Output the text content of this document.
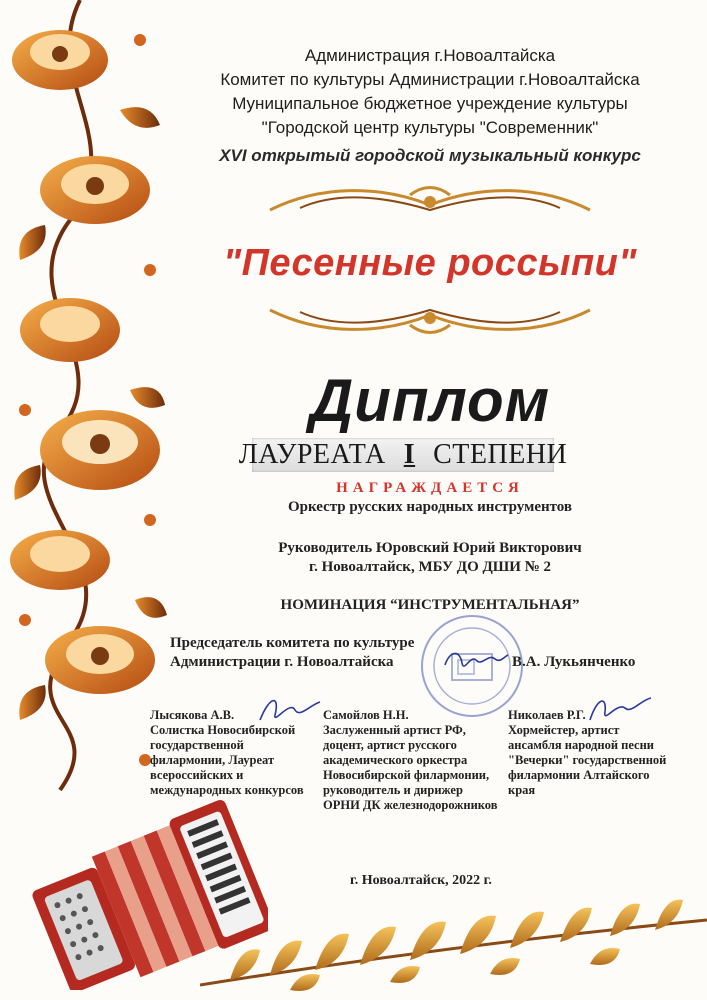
Администрация г.Новоалтайска
Комитет по культуры Администрации г.Новоалтайска
Муниципальное бюджетное учреждение культуры
"Городской центр культуры "Современник"
XVI открытый городской музыкальный конкурс
"Песенные россыпи"
Диплом
ЛАУРЕАТА I СТЕПЕНИ
НАГРАЖДАЕТСЯ
Оркестр русских народных инструментов
Руководитель Юровский Юрий Викторович
г. Новоалтайск, МБУ ДО ДШИ № 2
НОМИНАЦИЯ “ИНСТРУМЕНТАЛЬНАЯ”
Председатель комитета по культуре
Администрации г. Новоалтайска	В.А. Лукьянченко
Лысякова А.В.
Солистка Новосибирской
государственной
филармонии, Лауреат
всероссийских и
международных конкурсов
Самойлов Н.Н.
Заслуженный артист РФ,
доцент, артист русского
академического оркестра
Новосибирской филармонии,
руководитель и дирижер
ОРНИ ДК железнодорожников
Николаев Р.Г.
Хормейстер, артист
ансамбля народной песни
"Вечерки" государственной
филармонии Алтайского
края
г. Новоалтайск, 2022 г.
